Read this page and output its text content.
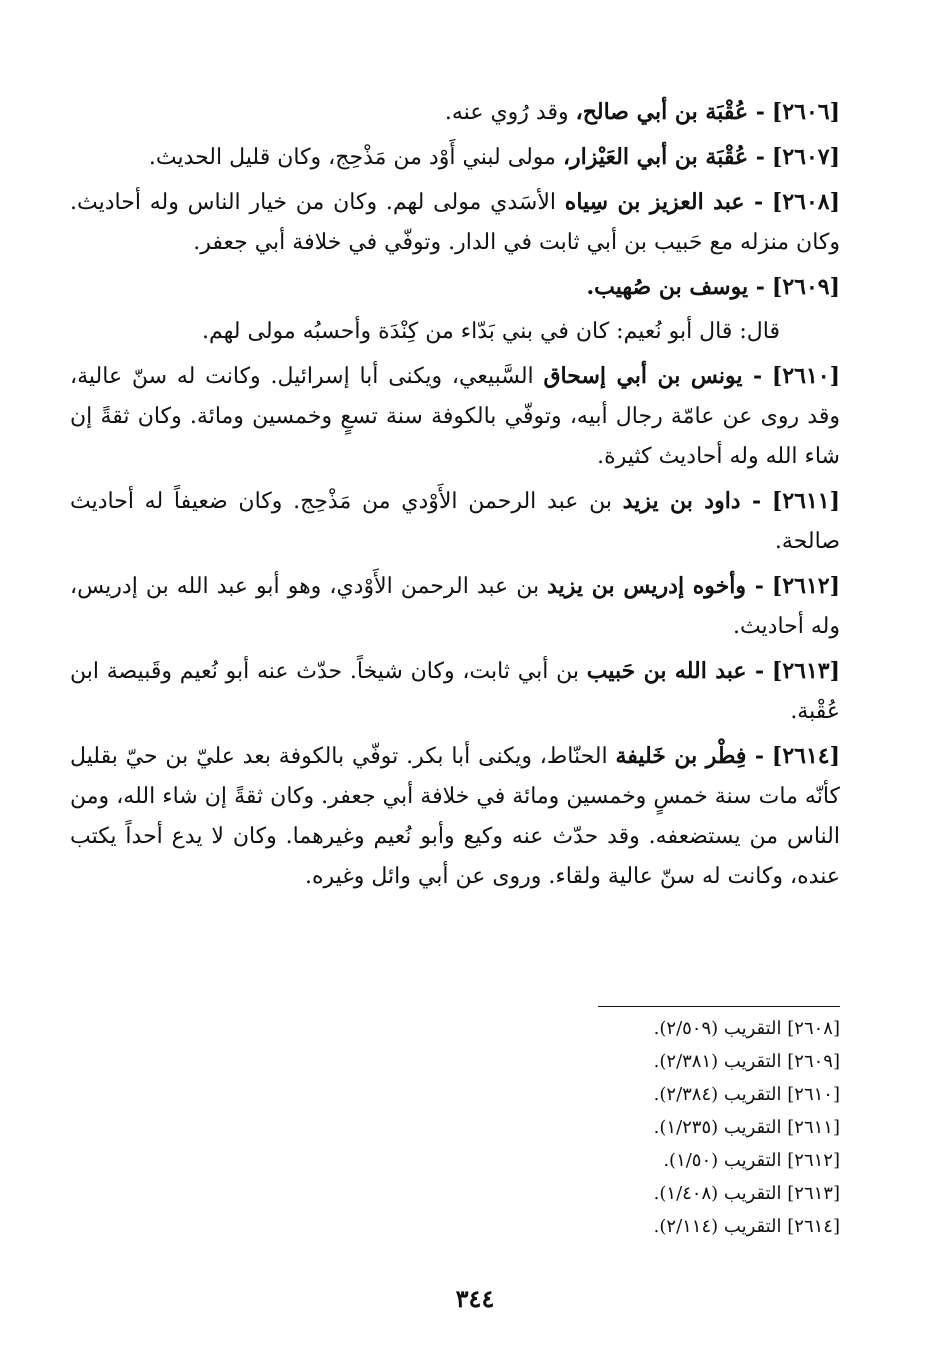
[٢٦٠٦] - عُقْبَة بن أبي صالح، وقد رُوي عنه.

[٢٦٠٧] - عُقْبَة بن أبي العَيْزار، مولى لبني أَوْد من مَذْحِج، وكان قليل الحديث.

[٢٦٠٨] - عبد العزيز بن سِياه الأسَدي مولى لهم. وكان من خيار الناس وله أحاديث. وكان منزله مع حَبيب بن أبي ثابت في الدار. وتوفّي في خلافة أبي جعفر.

[٢٦٠٩] - يوسف بن صُهيب.

قال: قال أبو نُعيم: كان في بني بَدّاء من كِنْدَة وأحسبُه مولى لهم.

[٢٦١٠] - يونس بن أبي إسحاق السَّبيعي، ويكنى أبا إسرائيل. وكانت له سنّ عالية، وقد روى عن عامّة رجال أبيه، وتوفّي بالكوفة سنة تسعٍ وخمسين ومائة. وكان ثقةً إن شاء الله وله أحاديث كثيرة.

[٢٦١١] - داود بن يزيد بن عبد الرحمن الأَوْدي من مَذْحِج. وكان ضعيفاً له أحاديث صالحة.

[٢٦١٢] - وأخوه إدريس بن يزيد بن عبد الرحمن الأَوْدي، وهو أبو عبد الله بن إدريس، وله أحاديث.

[٢٦١٣] - عبد الله بن حَبيب بن أبي ثابت، وكان شيخاً. حدّث عنه أبو نُعيم وقَبيصة ابن عُقْبة.

[٢٦١٤] - فِطْر بن خَليفة الحنّاط، ويكنى أبا بكر. توفّي بالكوفة بعد عليّ بن حيّ بقليل كأنّه مات سنة خمسٍ وخمسين ومائة في خلافة أبي جعفر. وكان ثقةً إن شاء الله، ومن الناس من يستضعفه. وقد حدّث عنه وكيع وأبو نُعيم وغيرهما. وكان لا يدع أحداً يكتب عنده، وكانت له سنّ عالية ولقاء. وروى عن أبي وائل وغيره.

[٢٦٠٨] التقريب (٢/٥٠٩).
[٢٦٠٩] التقريب (٢/٣٨١).
[٢٦١٠] التقريب (٢/٣٨٤).
[٢٦١١] التقريب (١/٢٣٥).
[٢٦١٢] التقريب (١/٥٠).
[٢٦١٣] التقريب (١/٤٠٨).
[٢٦١٤] التقريب (٢/١١٤).
٣٤٤
